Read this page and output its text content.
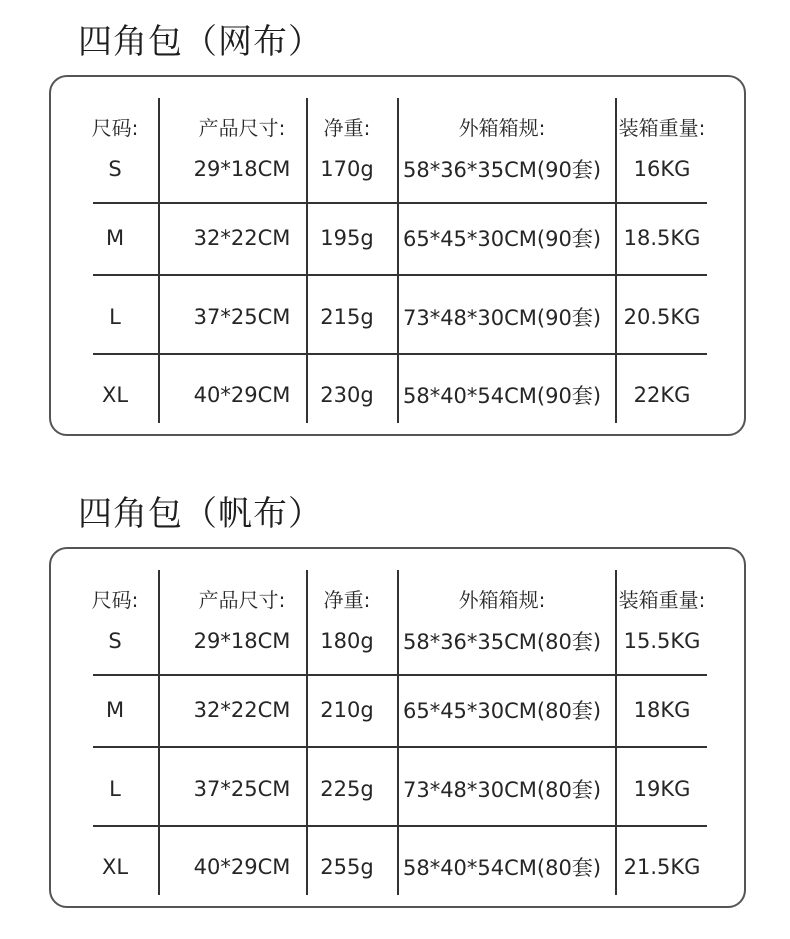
四角包（网布）
尺码:	产品尺寸:	净重:	外箱箱规:	装箱重量:
S	29*18CM	170g	58*36*35CM(90套)	16KG
M	32*22CM	195g	65*45*30CM(90套)	18.5KG
L	37*25CM	215g	73*48*30CM(90套)	20.5KG
XL	40*29CM	230g	58*40*54CM(90套)	22KG
四角包（帆布）
尺码:	产品尺寸:	净重:	外箱箱规:	装箱重量:
S	29*18CM	180g	58*36*35CM(80套)	15.5KG
M	32*22CM	210g	65*45*30CM(80套)	18KG
L	37*25CM	225g	73*48*30CM(80套)	19KG
XL	40*29CM	255g	58*40*54CM(80套)	21.5KG
